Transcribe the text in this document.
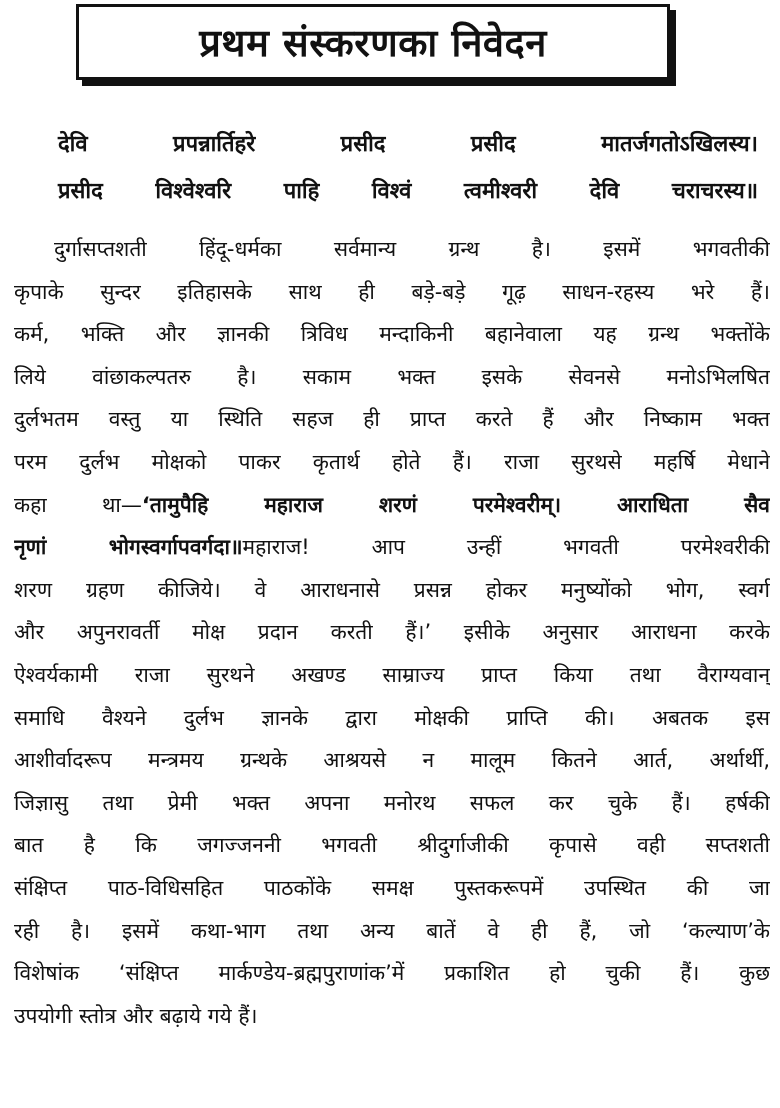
प्रथम संस्करणका निवेदन
देवि प्रपन्नार्तिहरे प्रसीद प्रसीद मातर्जगतोऽखिलस्य।
प्रसीद विश्वेश्वरि पाहि विश्वं त्वमीश्वरी देवि चराचरस्य॥
दुर्गासप्तशती हिंदू-धर्मका सर्वमान्य ग्रन्थ है। इसमें भगवतीकी
कृपाके सुन्दर इतिहासके साथ ही बड़े-बड़े गूढ़ साधन-रहस्य भरे हैं।
कर्म, भक्ति और ज्ञानकी त्रिविध मन्दाकिनी बहानेवाला यह ग्रन्थ भक्तोंके
लिये वांछाकल्पतरु है। सकाम भक्त इसके सेवनसे मनोऽभिलषित
दुर्लभतम वस्तु या स्थिति सहज ही प्राप्त करते हैं और निष्काम भक्त
परम दुर्लभ मोक्षको पाकर कृतार्थ होते हैं। राजा सुरथसे महर्षि मेधाने
कहा था—‘तामुपैहि महाराज शरणं परमेश्वरीम्। आराधिता सैव
नृणां भोगस्वर्गापवर्गदा॥महाराज! आप उन्हीं भगवती परमेश्वरीकी
शरण ग्रहण कीजिये। वे आराधनासे प्रसन्न होकर मनुष्योंको भोग, स्वर्ग
और अपुनरावर्ती मोक्ष प्रदान करती हैं।’ इसीके अनुसार आराधना करके
ऐश्वर्यकामी राजा सुरथने अखण्ड साम्राज्य प्राप्त किया तथा वैराग्यवान्
समाधि वैश्यने दुर्लभ ज्ञानके द्वारा मोक्षकी प्राप्ति की। अबतक इस
आशीर्वादरूप मन्त्रमय ग्रन्थके आश्रयसे न मालूम कितने आर्त, अर्थार्थी,
जिज्ञासु तथा प्रेमी भक्त अपना मनोरथ सफल कर चुके हैं। हर्षकी
बात है कि जगज्जननी भगवती श्रीदुर्गाजीकी कृपासे वही सप्तशती
संक्षिप्त पाठ-विधिसहित पाठकोंके समक्ष पुस्तकरूपमें उपस्थित की जा
रही है। इसमें कथा-भाग तथा अन्य बातें वे ही हैं, जो ‘कल्याण’के
विशेषांक ‘संक्षिप्त मार्कण्डेय-ब्रह्मपुराणांक’में प्रकाशित हो चुकी हैं। कुछ
उपयोगी स्तोत्र और बढ़ाये गये हैं।
